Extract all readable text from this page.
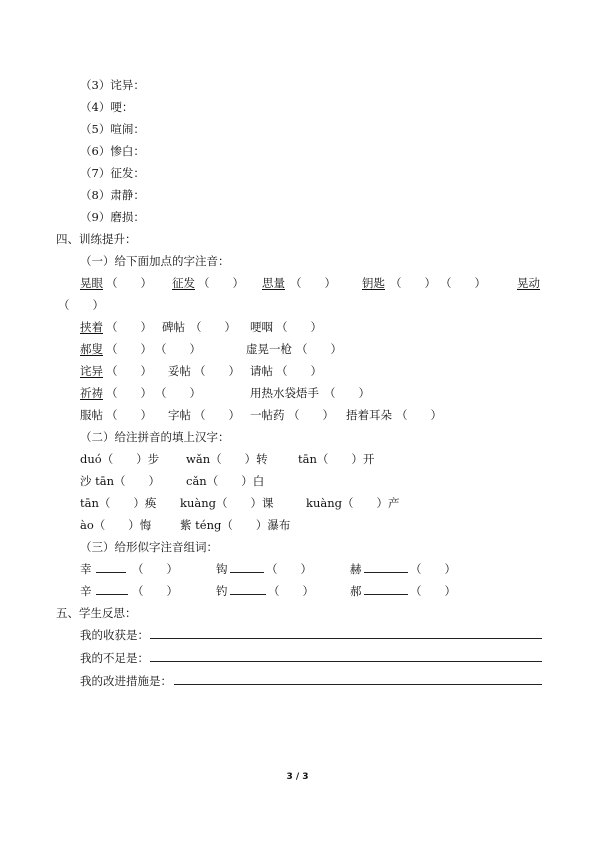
（3）诧异：
（4）哽：
（5）喧闹：
（6）惨白：
（7）征发：
（8）肃静：
（9）磨损：
四、训练提升：
（一）给下面加点的字注音：
晃眼 （　　） 征发 （　　） 思量 （　　） 钥匙 （　　） （　　）	晃动
（　　）
挟着 （　　） 碑帖 （　　） 哽咽 （　　）
郝叟 （　　） （　　）	虚晃一枪 （　　）
诧异 （　　） 妥帖 （　　） 请帖 （　　）
祈祷 （　　） （　　）	用热水袋焐手 （　　）
服帖 （　　） 字帖 （　　） 一帖药 （　　） 捂着耳朵 （　　）
（二）给注拼音的填上汉字：
duó（　　）步 wǎn（　　）转	tān（　　）开
沙 tān（　　） cǎn（　　）白
tān（　　）痪 kuàng（　　）课	kuàng（　　）产
ào（　　）悔 紫 téng（　　）瀑布
（三）给形似字注音组词：
幸	（　　）	钩	（　　）	赫	（　　）
辛	（　　）	钓	（　　）	郝	（　　）
五、学生反思：
我的收获是：
我的不足是：
我的改进措施是：
3 / 3
